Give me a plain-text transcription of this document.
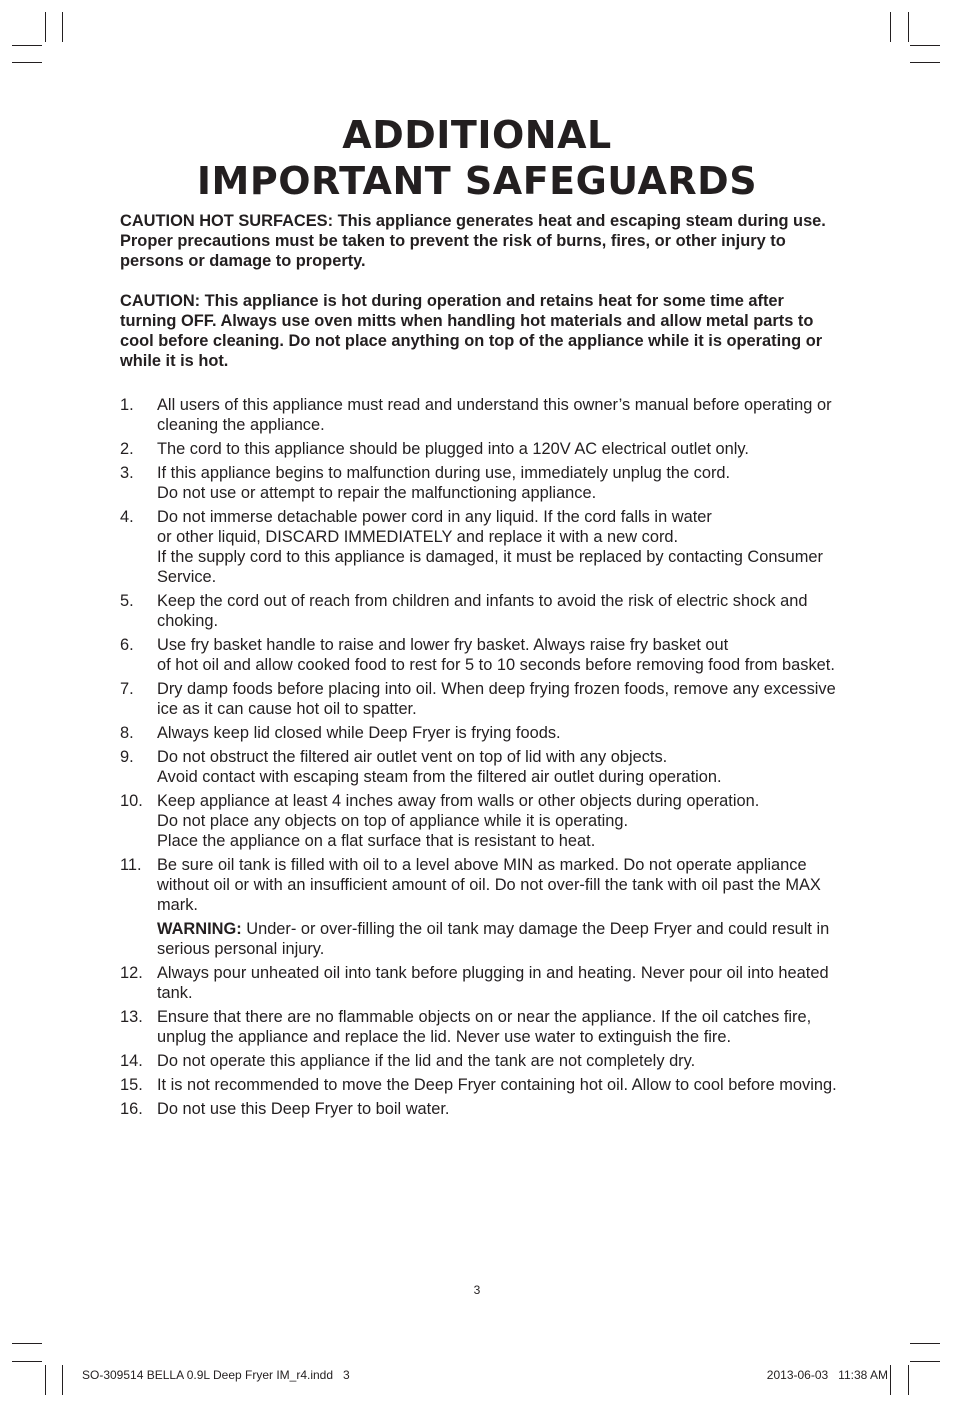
ADDITIONAL
IMPORTANT SAFEGUARDS

CAUTION HOT SURFACES: This appliance generates heat and escaping steam during use. Proper precautions must be taken to prevent the risk of burns, fires, or other injury to persons or damage to property.

CAUTION: This appliance is hot during operation and retains heat for some time after turning OFF. Always use oven mitts when handling hot materials and allow metal parts to cool before cleaning. Do not place anything on top of the appliance while it is operating or while it is hot.

1. All users of this appliance must read and understand this owner’s manual before operating or cleaning the appliance.
2. The cord to this appliance should be plugged into a 120V AC electrical outlet only.
3. If this appliance begins to malfunction during use, immediately unplug the cord.
Do not use or attempt to repair the malfunctioning appliance.
4. Do not immerse detachable power cord in any liquid. If the cord falls in water
or other liquid, DISCARD IMMEDIATELY and replace it with a new cord.
If the supply cord to this appliance is damaged, it must be replaced by contacting Consumer Service.
5. Keep the cord out of reach from children and infants to avoid the risk of electric shock and choking.
6. Use fry basket handle to raise and lower fry basket. Always raise fry basket out
of hot oil and allow cooked food to rest for 5 to 10 seconds before removing food from basket.
7. Dry damp foods before placing into oil. When deep frying frozen foods, remove any excessive ice as it can cause hot oil to spatter.
8. Always keep lid closed while Deep Fryer is frying foods.
9. Do not obstruct the filtered air outlet vent on top of lid with any objects.
Avoid contact with escaping steam from the filtered air outlet during operation.
10. Keep appliance at least 4 inches away from walls or other objects during operation.
Do not place any objects on top of appliance while it is operating.
Place the appliance on a flat surface that is resistant to heat.
11. Be sure oil tank is filled with oil to a level above MIN as marked. Do not operate appliance without oil or with an insufficient amount of oil. Do not over-fill the tank with oil past the MAX mark.
WARNING: Under- or over-filling the oil tank may damage the Deep Fryer and could result in serious personal injury.
12. Always pour unheated oil into tank before plugging in and heating. Never pour oil into heated tank.
13. Ensure that there are no flammable objects on or near the appliance. If the oil catches fire, unplug the appliance and replace the lid. Never use water to extinguish the fire.
14. Do not operate this appliance if the lid and the tank are not completely dry.
15. It is not recommended to move the Deep Fryer containing hot oil. Allow to cool before moving.
16. Do not use this Deep Fryer to boil water.
3
SO-309514 BELLA 0.9L Deep Fryer IM_r4.indd   3	2013-06-03   11:38 AM
